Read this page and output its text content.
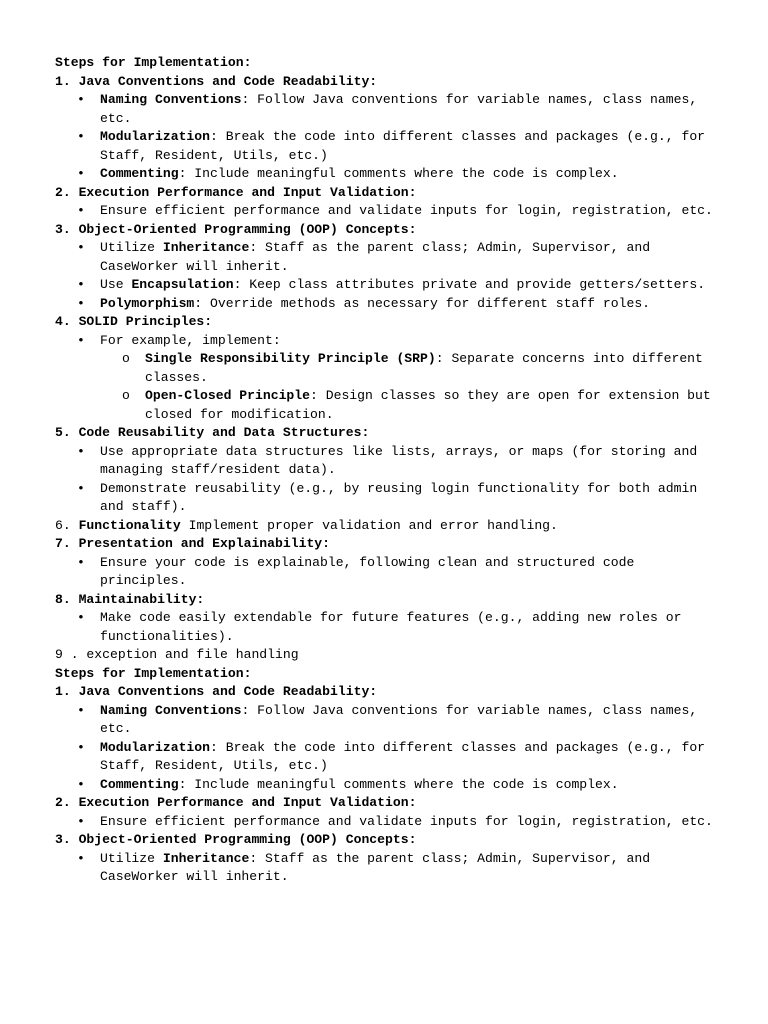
Steps for Implementation:
1. Java Conventions and Code Readability:
• Naming Conventions: Follow Java conventions for variable names, class names, etc.
• Modularization: Break the code into different classes and packages (e.g., for Staff, Resident, Utils, etc.)
• Commenting: Include meaningful comments where the code is complex.
2. Execution Performance and Input Validation:
• Ensure efficient performance and validate inputs for login, registration, etc.
3. Object-Oriented Programming (OOP) Concepts:
• Utilize Inheritance: Staff as the parent class; Admin, Supervisor, and CaseWorker will inherit.
• Use Encapsulation: Keep class attributes private and provide getters/setters.
• Polymorphism: Override methods as necessary for different staff roles.
4. SOLID Principles:
• For example, implement:
o Single Responsibility Principle (SRP): Separate concerns into different classes.
o Open-Closed Principle: Design classes so they are open for extension but closed for modification.
5. Code Reusability and Data Structures:
• Use appropriate data structures like lists, arrays, or maps (for storing and managing staff/resident data).
• Demonstrate reusability (e.g., by reusing login functionality for both admin and staff).
6. Functionality Implement proper validation and error handling.
7. Presentation and Explainability:
• Ensure your code is explainable, following clean and structured code principles.
8. Maintainability:
• Make code easily extendable for future features (e.g., adding new roles or functionalities).
9 . exception and file handling
Steps for Implementation:
1. Java Conventions and Code Readability:
• Naming Conventions: Follow Java conventions for variable names, class names, etc.
• Modularization: Break the code into different classes and packages (e.g., for Staff, Resident, Utils, etc.)
• Commenting: Include meaningful comments where the code is complex.
2. Execution Performance and Input Validation:
• Ensure efficient performance and validate inputs for login, registration, etc.
3. Object-Oriented Programming (OOP) Concepts:
• Utilize Inheritance: Staff as the parent class; Admin, Supervisor, and CaseWorker will inherit.
